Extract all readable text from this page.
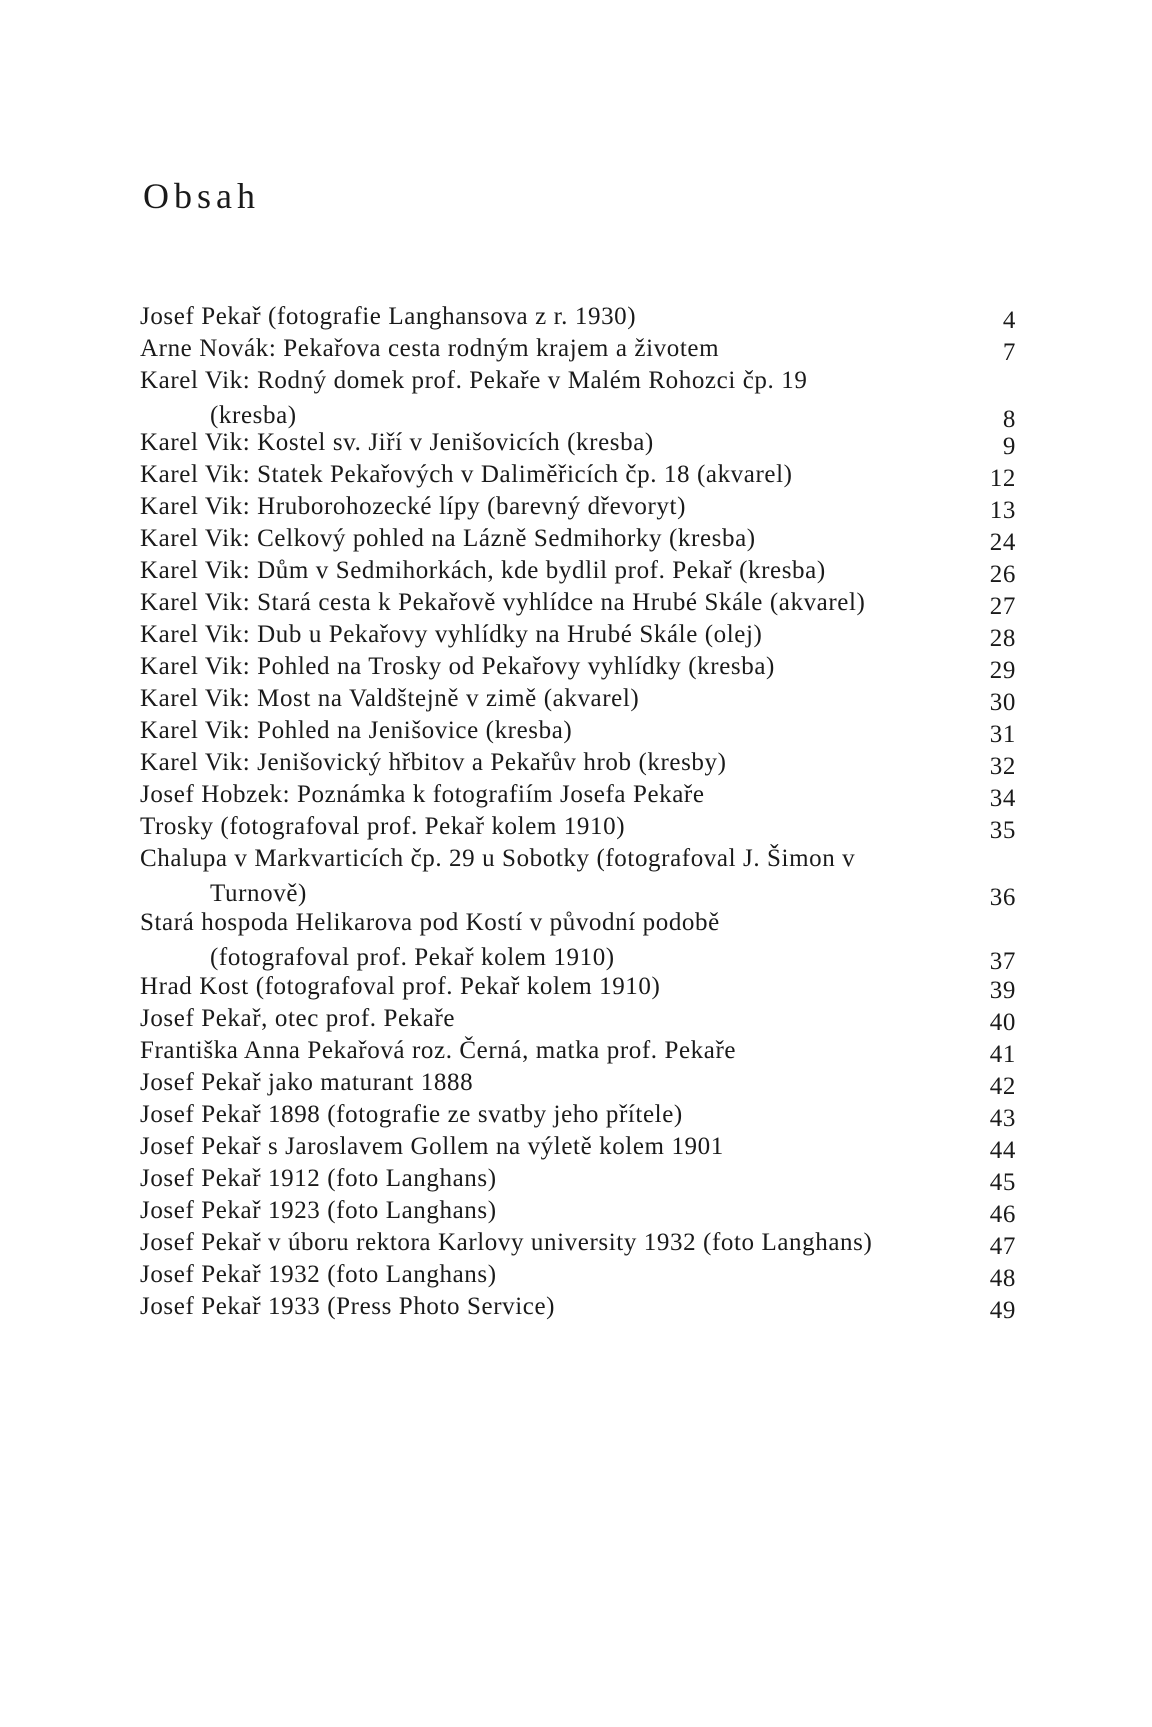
Obsah
Josef Pekař (fotografie Langhansova z r. 1930)	4
Arne Novák: Pekařova cesta rodným krajem a životem	7
Karel Vik: Rodný domek prof. Pekaře v Malém Rohozci čp. 19 (kresba)	8
Karel Vik: Kostel sv. Jiří v Jenišovicích (kresba)	9
Karel Vik: Statek Pekařových v Daliměřicích čp. 18 (akvarel)	12
Karel Vik: Hruborohozecké lípy (barevný dřevoryt)	13
Karel Vik: Celkový pohled na Lázně Sedmihorky (kresba)	24
Karel Vik: Dům v Sedmihorkách, kde bydlil prof. Pekař (kresba)	26
Karel Vik: Stará cesta k Pekařově vyhlídce na Hrubé Skále (akvarel)	27
Karel Vik: Dub u Pekařovy vyhlídky na Hrubé Skále (olej)	28
Karel Vik: Pohled na Trosky od Pekařovy vyhlídky (kresba)	29
Karel Vik: Most na Valdštejně v zimě (akvarel)	30
Karel Vik: Pohled na Jenišovice (kresba)	31
Karel Vik: Jenišovický hřbitov a Pekařův hrob (kresby)	32
Josef Hobzek: Poznámka k fotografiím Josefa Pekaře	34
Trosky (fotografoval prof. Pekař kolem 1910)	35
Chalupa v Markvarticích čp. 29 u Sobotky (fotografoval J. Šimon v Turnově)	36
Stará hospoda Helikarova pod Kostí v původní podobě (fotografoval prof. Pekař kolem 1910)	37
Hrad Kost (fotografoval prof. Pekař kolem 1910)	39
Josef Pekař, otec prof. Pekaře	40
Františka Anna Pekařová roz. Černá, matka prof. Pekaře	41
Josef Pekař jako maturant 1888	42
Josef Pekař 1898 (fotografie ze svatby jeho přítele)	43
Josef Pekař s Jaroslavem Gollem na výletě kolem 1901	44
Josef Pekař 1912 (foto Langhans)	45
Josef Pekař 1923 (foto Langhans)	46
Josef Pekař v úboru rektora Karlovy university 1932 (foto Langhans)	47
Josef Pekař 1932 (foto Langhans)	48
Josef Pekař 1933 (Press Photo Service)	49
